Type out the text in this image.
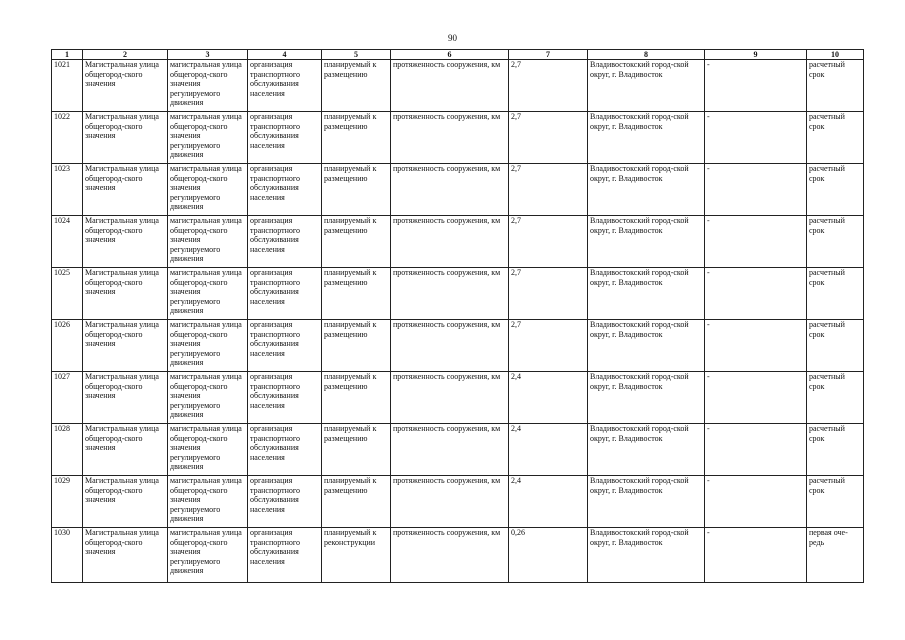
90
1	2	3	4	5	6	7	8	9	10
1021	Магистральная улица общегород-ского значения	магистральная улица общегород-ского значения регулируемого движения	организация транспортного обслуживания населения	планируемый к размещению	протяженность сооружения, км	2,7	Владивостокский город-ской округ, г. Владивосток	-	расчетный срок
1022	Магистральная улица общегород-ского значения	магистральная улица общегород-ского значения регулируемого движения	организация транспортного обслуживания населения	планируемый к размещению	протяженность сооружения, км	2,7	Владивостокский город-ской округ, г. Владивосток	-	расчетный срок
1023	Магистральная улица общегород-ского значения	магистральная улица общегород-ского значения регулируемого движения	организация транспортного обслуживания населения	планируемый к размещению	протяженность сооружения, км	2,7	Владивостокский город-ской округ, г. Владивосток	-	расчетный срок
1024	Магистральная улица общегород-ского значения	магистральная улица общегород-ского значения регулируемого движения	организация транспортного обслуживания населения	планируемый к размещению	протяженность сооружения, км	2,7	Владивостокский город-ской округ, г. Владивосток	-	расчетный срок
1025	Магистральная улица общегород-ского значения	магистральная улица общегород-ского значения регулируемого движения	организация транспортного обслуживания населения	планируемый к размещению	протяженность сооружения, км	2,7	Владивостокский город-ской округ, г. Владивосток	-	расчетный срок
1026	Магистральная улица общегород-ского значения	магистральная улица общегород-ского значения регулируемого движения	организация транспортного обслуживания населения	планируемый к размещению	протяженность сооружения, км	2,7	Владивостокский город-ской округ, г. Владивосток	-	расчетный срок
1027	Магистральная улица общегород-ского значения	магистральная улица общегород-ского значения регулируемого движения	организация транспортного обслуживания населения	планируемый к размещению	протяженность сооружения, км	2,4	Владивостокский город-ской округ, г. Владивосток	-	расчетный срок
1028	Магистральная улица общегород-ского значения	магистральная улица общегород-ского значения регулируемого движения	организация транспортного обслуживания населения	планируемый к размещению	протяженность сооружения, км	2,4	Владивостокский город-ской округ, г. Владивосток	-	расчетный срок
1029	Магистральная улица общегород-ского значения	магистральная улица общегород-ского значения регулируемого движения	организация транспортного обслуживания населения	планируемый к размещению	протяженность сооружения, км	2,4	Владивостокский город-ской округ, г. Владивосток	-	расчетный срок
1030	Магистральная улица общегород-ского значения	магистральная улица общегород-ского значения регулируемого движения	организация транспортного обслуживания населения	планируемый к реконструкции	протяженность сооружения, км	0,26	Владивостокский город-ской округ, г. Владивосток	-	первая оче-редь
